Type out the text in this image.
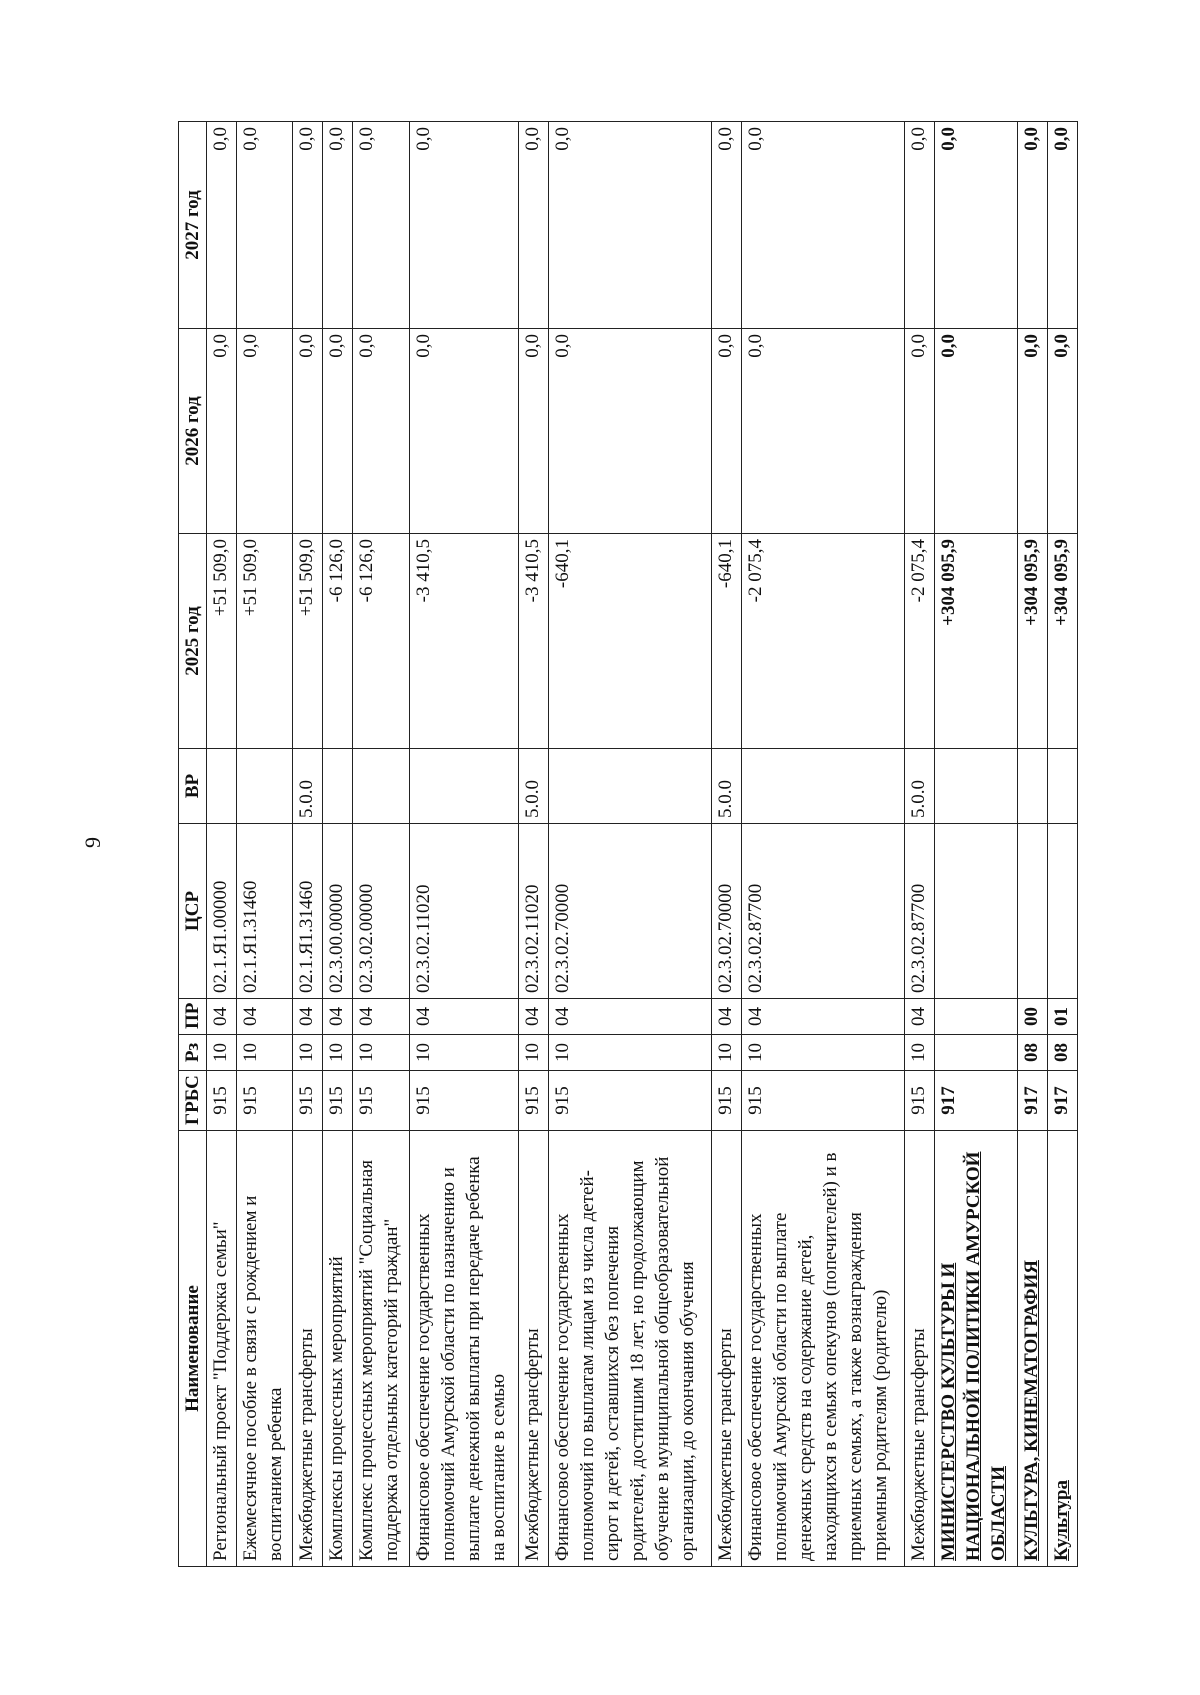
9
Наименование	ГРБС	Рз	ПР	ЦСР	ВР	2025 год	2026 год	2027 год
Региональный проект "Поддержка семьи"	915	10	04	02.1.Я1.00000		+51 509,0	0,0	0,0
Ежемесячное пособие в связи с рождением и воспитанием ребенка	915	10	04	02.1.Я1.31460		+51 509,0	0,0	0,0
Межбюджетные трансферты	915	10	04	02.1.Я1.31460	5.0.0	+51 509,0	0,0	0,0
Комплексы процессных мероприятий	915	10	04	02.3.00.00000		-6 126,0	0,0	0,0
Комплекс процессных мероприятий "Социальная поддержка отдельных категорий граждан"	915	10	04	02.3.02.00000		-6 126,0	0,0	0,0
Финансовое обеспечение государственных полномочий Амурской области по назначению и выплате денежной выплаты при передаче ребенка на воспитание в семью	915	10	04	02.3.02.11020		-3 410,5	0,0	0,0
Межбюджетные трансферты	915	10	04	02.3.02.11020	5.0.0	-3 410,5	0,0	0,0
Финансовое обеспечение государственных полномочий по выплатам лицам из числа детей-сирот и детей, оставшихся без попечения родителей, достигшим 18 лет, но продолжающим обучение в муниципальной общеобразовательной организации, до окончания обучения	915	10	04	02.3.02.70000		-640,1	0,0	0,0
Межбюджетные трансферты	915	10	04	02.3.02.70000	5.0.0	-640,1	0,0	0,0
Финансовое обеспечение государственных полномочий Амурской области по выплате денежных средств на содержание детей, находящихся в семьях опекунов (попечителей) и в приемных семьях, а также вознаграждения приемным родителям (родителю)	915	10	04	02.3.02.87700		-2 075,4	0,0	0,0
Межбюджетные трансферты	915	10	04	02.3.02.87700	5.0.0	-2 075,4	0,0	0,0
МИНИСТЕРСТВО КУЛЬТУРЫ И НАЦИОНАЛЬНОЙ ПОЛИТИКИ АМУРСКОЙ ОБЛАСТИ	917					+304 095,9	0,0	0,0
КУЛЬТУРА, КИНЕМАТОГРАФИЯ	917	08	00			+304 095,9	0,0	0,0
Культура	917	08	01			+304 095,9	0,0	0,0
